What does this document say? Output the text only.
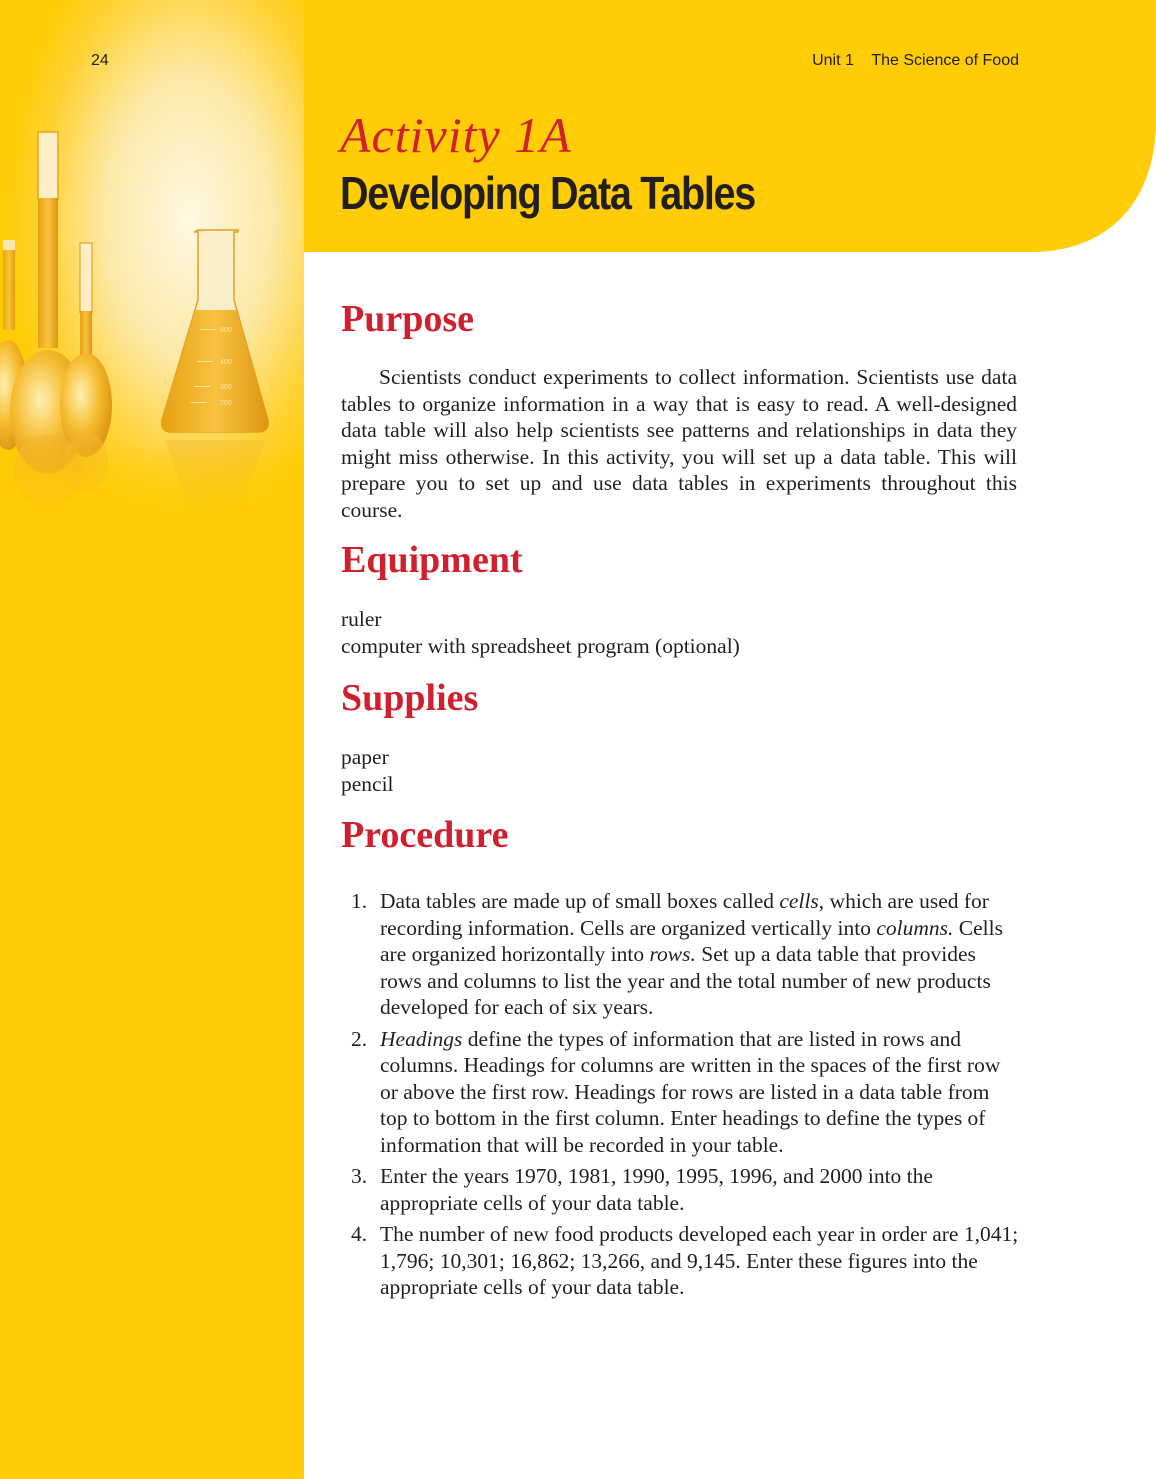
24	Unit 1    The Science of Food
Activity 1A
Developing Data Tables
Purpose

Scientists conduct experiments to collect information. Scientists use data tables to organize information in a way that is easy to read. A well-designed data table will also help scientists see patterns and relationships in data they might miss otherwise. In this activity, you will set up a data table. This will prepare you to set up and use data tables in experiments throughout this course.

Equipment
ruler
computer with spreadsheet program (optional)
Supplies
paper
pencil
Procedure
1. Data tables are made up of small boxes called cells, which are used for recording information. Cells are organized vertically into columns. Cells are organized horizontally into rows. Set up a data table that provides rows and columns to list the year and the total number of new products developed for each of six years.
2. Headings define the types of information that are listed in rows and columns. Headings for columns are written in the spaces of the first row or above the first row. Headings for rows are listed in a data table from top to bottom in the first column. Enter headings to define the types of information that will be recorded in your table.
3. Enter the years 1970, 1981, 1990, 1995, 1996, and 2000 into the appropriate cells of your data table.
4. The number of new food products developed each year in order are 1,041; 1,796; 10,301; 16,862; 13,266, and 9,145. Enter these figures into the appropriate cells of your data table.
